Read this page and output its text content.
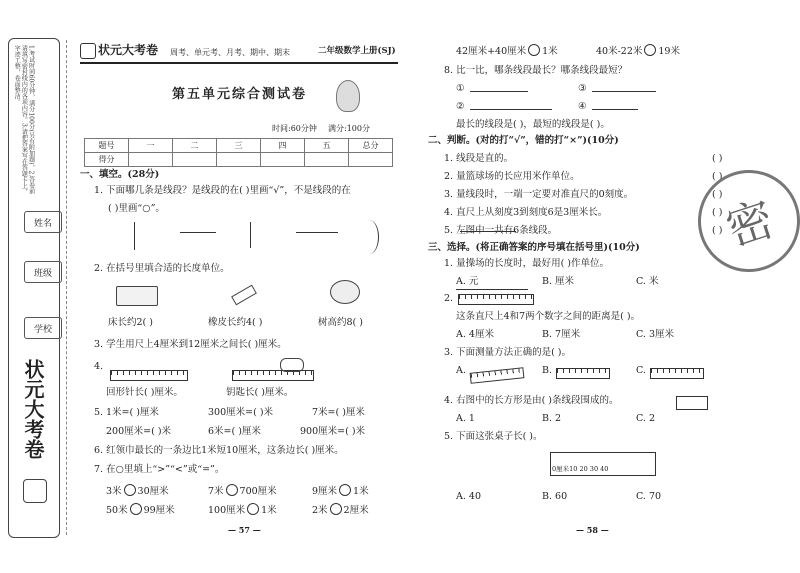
1.考试时间60分钟，满分100分(另有附加题)。2.答卷前请填写密封线内的各项内容。3.请把答案写在答题卡上，字迹工整，卷面整洁。
姓名
班级
学校
状元大考卷
状元大考卷 周考、单元考、月考、期中、期末	二年级数学上册(SJ)
第五单元综合测试卷
时间:60分钟 满分:100分
题号	一	二	三	四	五	总分
得分						
一、填空。(28分)
1. 下面哪几条是线段？是线段的在( )里画“√”，不是线段的在
( )里画“○”。
2. 在括号里填合适的长度单位。
床长约2( )	橡皮长约4( )	树高约8( )
3. 学生用尺上4厘米到12厘米之间长( )厘米。
4.
回形针长( )厘米。	钥匙长( )厘米。
5. 1米=( )厘米	300厘米=( )米	7米=( )厘米
200厘米=( )米	6米=( )厘米	900厘米=( )米
6. 红领巾最长的一条边比1米短10厘米，这条边长( )厘米。
7. 在○里填上“>”“<”或“=”。
3米 30厘米	7米 700厘米	9厘米 1米
50米 99厘米	100厘米 1米	2米 2厘米
— 57 —
42厘米+40厘米 1米	40米-22米 19米
8. 比一比，哪条线段最长？哪条线段最短？
①
②
③
④
最长的线段是( )，最短的线段是( )。
二、判断。(对的打“√”，错的打“×”)(10分)
1. 线段是直的。	( )
2. 量篮球场的长应用米作单位。	( )
3. 量线段时，一端一定要对准直尺的0刻度。	( )
4. 直尺上从刻度3到刻度6是3厘米长。	( )
5. 左图中一共有6条线段。	( )
密
三、选择。(将正确答案的序号填在括号里)(10分)
1. 量操场的长度时，最好用( )作单位。
A. 元	B. 厘米	C. 米
2.
这条直尺上4和7两个数字之间的距离是( )。
A. 4厘米	B. 7厘米	C. 3厘米
3. 下面测量方法正确的是( )。
A.	B.	C.
4. 右图中的长方形是由( )条线段围成的。
A. 1	B. 2	C. 2
5. 下面这张桌子长( )。
0厘米10 20 30 40
A. 40	B. 60	C. 70
— 58 —
